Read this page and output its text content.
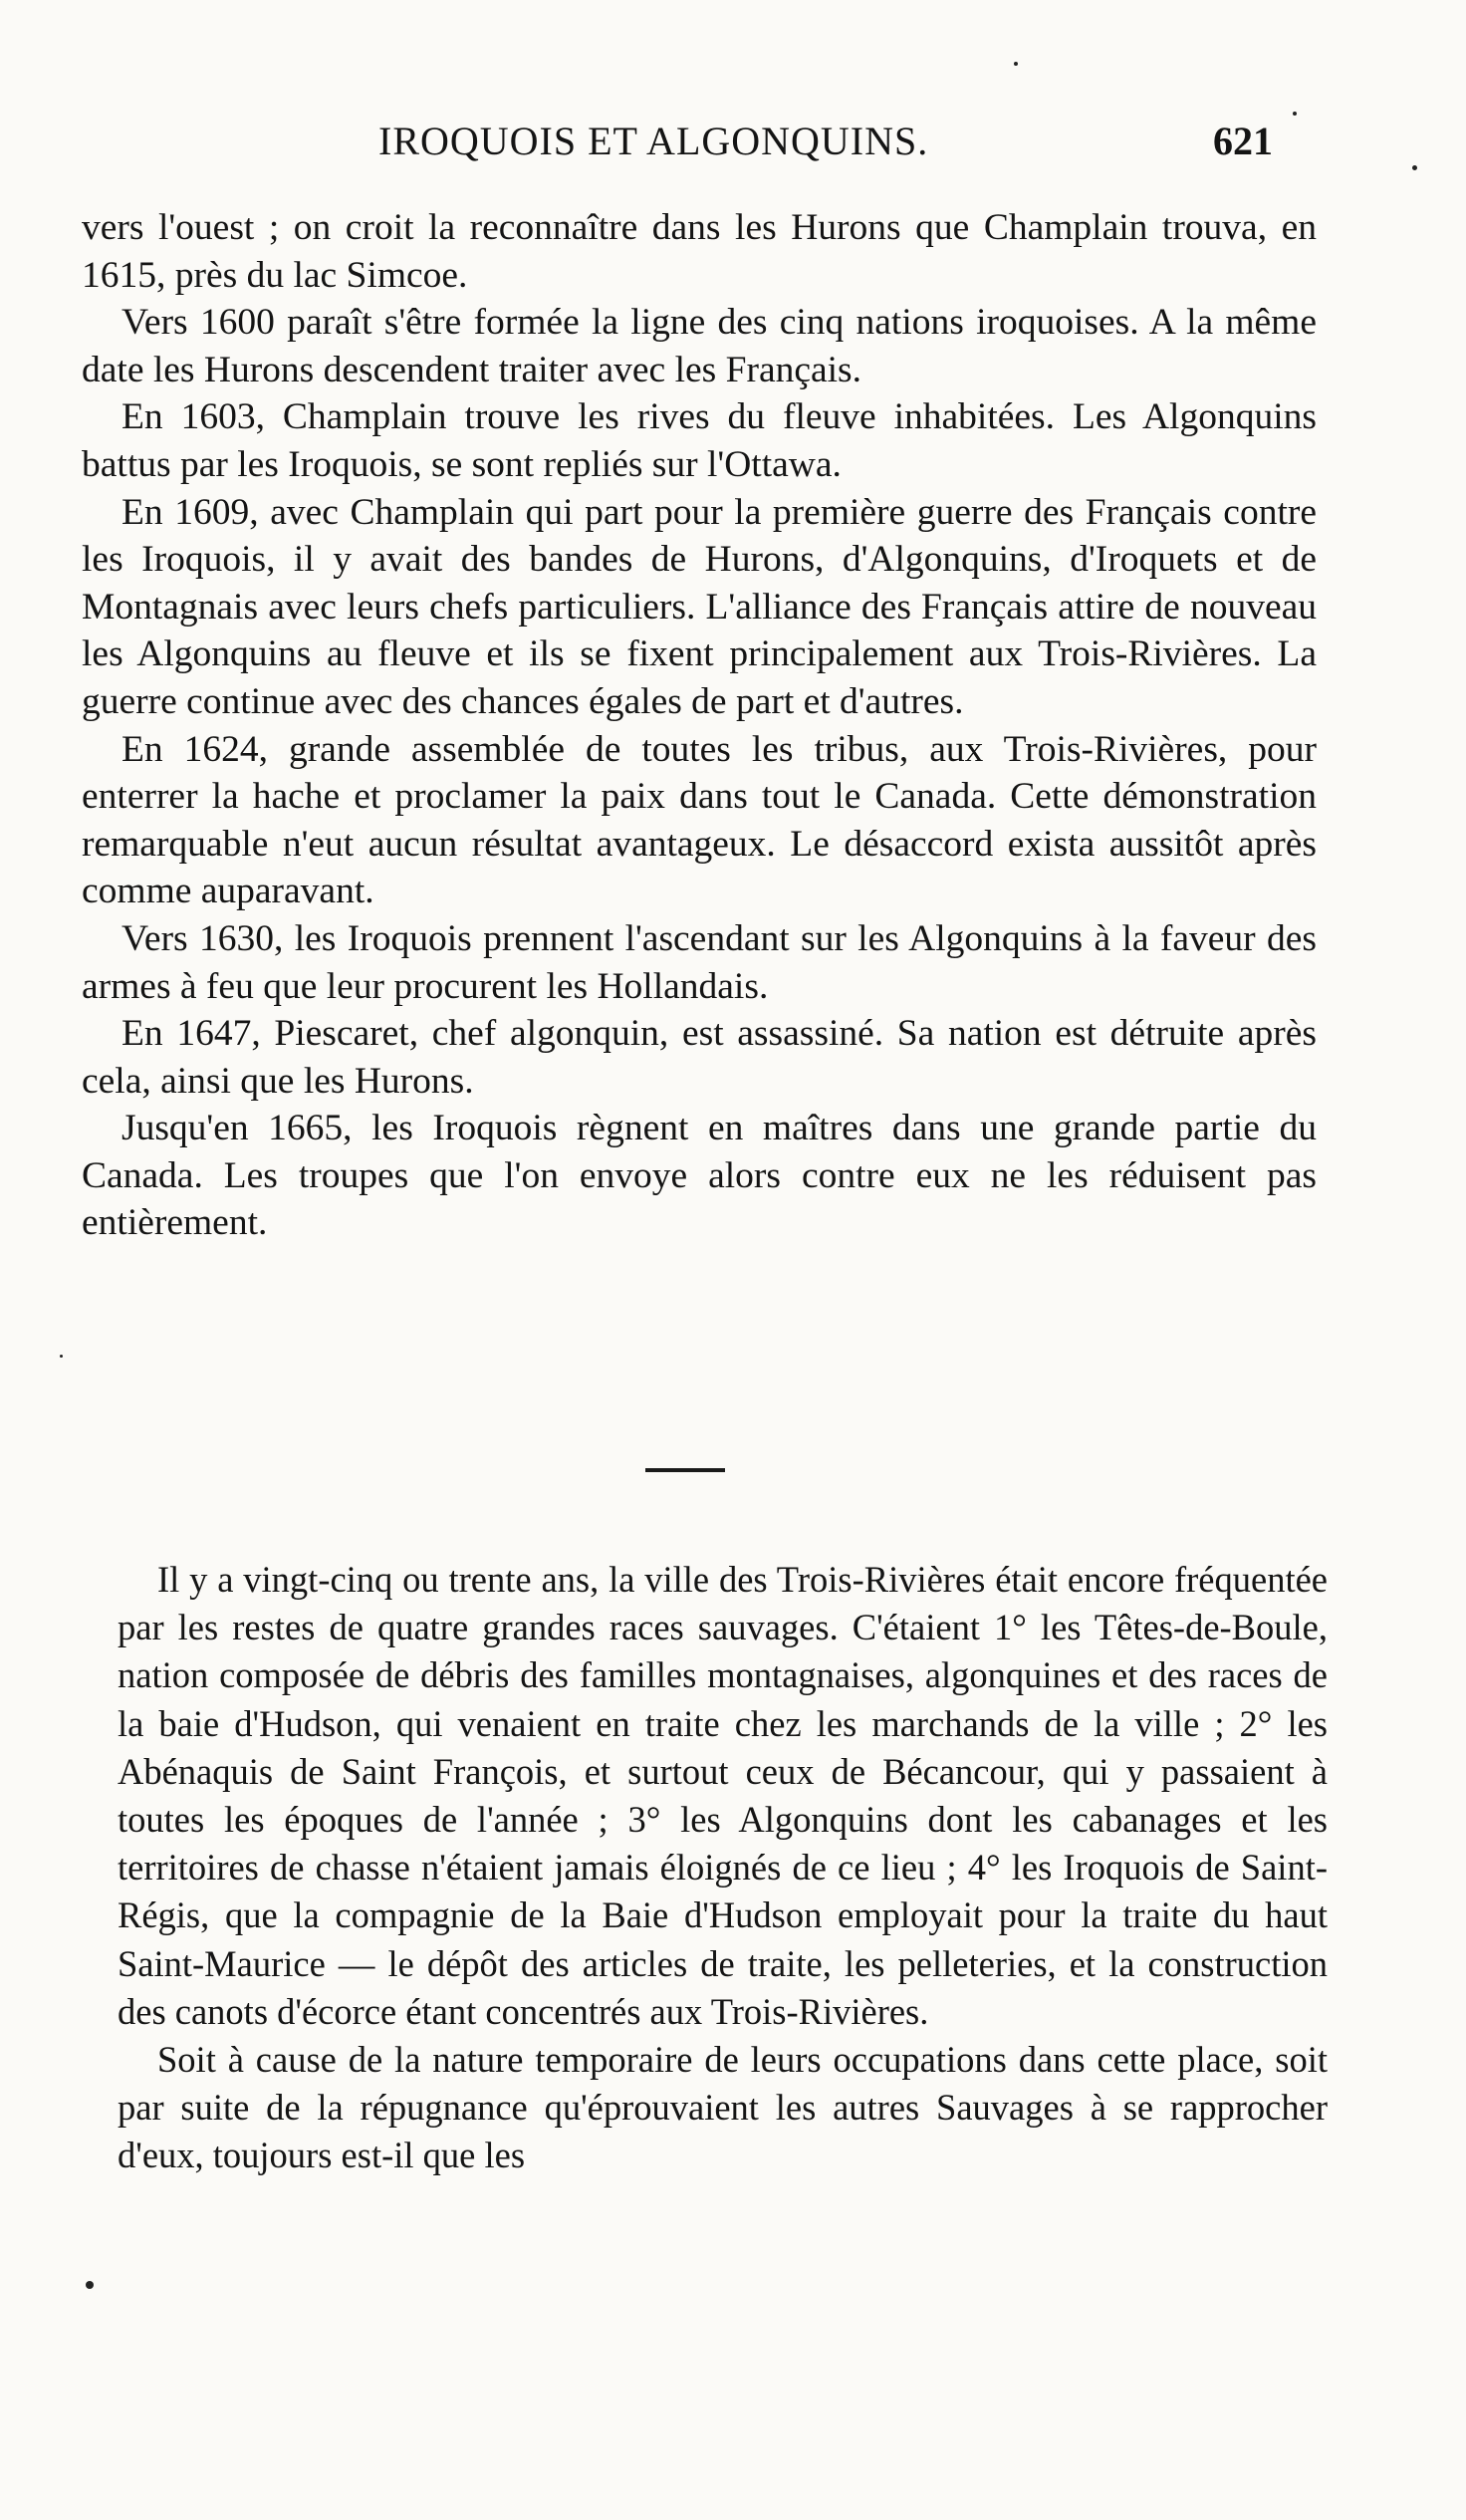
IROQUOIS ET ALGONQUINS.	621

vers l'ouest ; on croit la reconnaître dans les Hurons que Champlain trouva, en 1615, près du lac Simcoe.

Vers 1600 paraît s'être formée la ligne des cinq nations iroquoises. A la même date les Hurons descendent traiter avec les Français.

En 1603, Champlain trouve les rives du fleuve inhabitées. Les Algonquins battus par les Iroquois, se sont repliés sur l'Ottawa.

En 1609, avec Champlain qui part pour la première guerre des Français contre les Iroquois, il y avait des bandes de Hurons, d'Algonquins, d'Iroquets et de Montagnais avec leurs chefs particuliers. L'alliance des Français attire de nouveau les Algonquins au fleuve et ils se fixent principalement aux Trois-Rivières. La guerre continue avec des chances égales de part et d'autres.

En 1624, grande assemblée de toutes les tribus, aux Trois-Rivières, pour enterrer la hache et proclamer la paix dans tout le Canada. Cette démonstration remarquable n'eut aucun résultat avantageux. Le désaccord exista aussitôt après comme auparavant.

Vers 1630, les Iroquois prennent l'ascendant sur les Algonquins à la faveur des armes à feu que leur procurent les Hollandais.

En 1647, Piescaret, chef algonquin, est assassiné. Sa nation est détruite après cela, ainsi que les Hurons.

Jusqu'en 1665, les Iroquois règnent en maîtres dans une grande partie du Canada. Les troupes que l'on envoye alors contre eux ne les réduisent pas entièrement.

Il y a vingt-cinq ou trente ans, la ville des Trois-Rivières était encore fréquentée par les restes de quatre grandes races sauvages. C'étaient 1° les Têtes-de-Boule, nation composée de débris des familles montagnaises, algonquines et des races de la baie d'Hudson, qui venaient en traite chez les marchands de la ville ; 2° les Abénaquis de Saint François, et surtout ceux de Bécancour, qui y passaient à toutes les époques de l'année ; 3° les Algonquins dont les cabanages et les territoires de chasse n'étaient jamais éloignés de ce lieu ; 4° les Iroquois de Saint-Régis, que la compagnie de la Baie d'Hudson employait pour la traite du haut Saint-Maurice — le dépôt des articles de traite, les pelleteries, et la construction des canots d'écorce étant concentrés aux Trois-Rivières.

Soit à cause de la nature temporaire de leurs occupations dans cette place, soit par suite de la répugnance qu'éprouvaient les autres Sauvages à se rapprocher d'eux, toujours est-il que les
